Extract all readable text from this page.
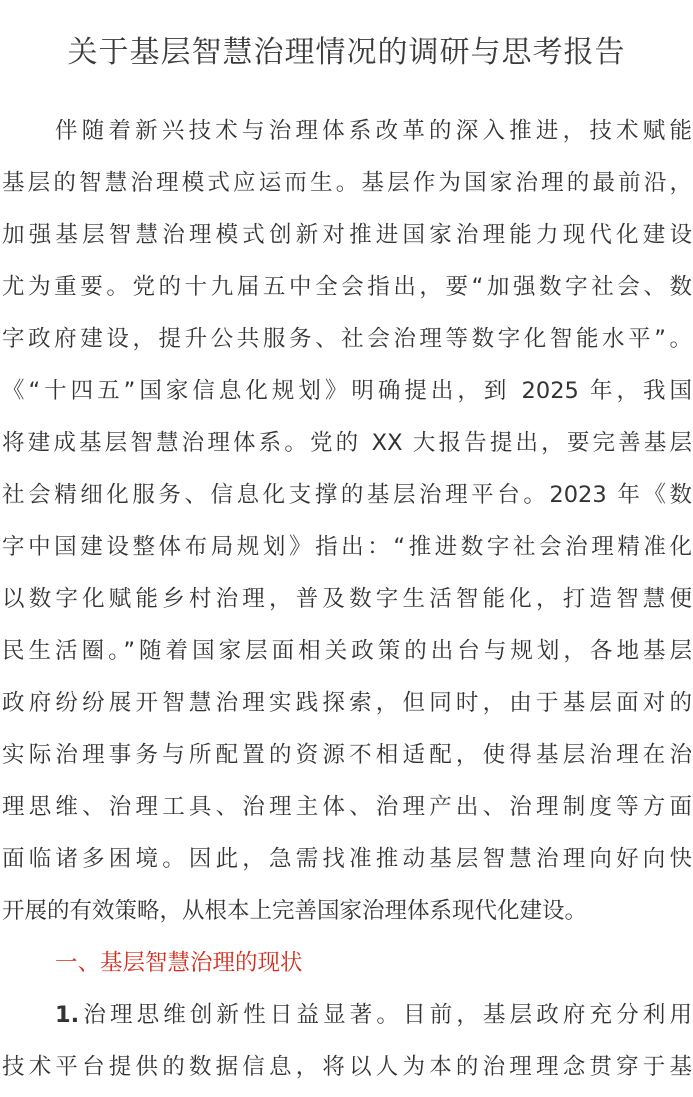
关于基层智慧治理情况的调研与思考报告
伴随着新兴技术与治理体系改革的深入推进，技术赋能
基层的智慧治理模式应运而生。基层作为国家治理的最前沿，
加强基层智慧治理模式创新对推进国家治理能力现代化建设
尤为重要。党的十九届五中全会指出，要“加强数字社会、数
字政府建设，提升公共服务、社会治理等数字化智能水平”。
《“十四五”国家信息化规划》明确提出，到 2025 年，我国
将建成基层智慧治理体系。党的 XX 大报告提出，要完善基层
社会精细化服务、信息化支撑的基层治理平台。2023 年《数
字中国建设整体布局规划》指出：“推进数字社会治理精准化
以数字化赋能乡村治理，普及数字生活智能化，打造智慧便
民生活圈。”随着国家层面相关政策的出台与规划，各地基层
政府纷纷展开智慧治理实践探索，但同时，由于基层面对的
实际治理事务与所配置的资源不相适配，使得基层治理在治
理思维、治理工具、治理主体、治理产出、治理制度等方面
面临诸多困境。因此，急需找准推动基层智慧治理向好向快
开展的有效策略，从根本上完善国家治理体系现代化建设。
一、基层智慧治理的现状
1.治理思维创新性日益显著。目前，基层政府充分利用
技术平台提供的数据信息，将以人为本的治理理念贯穿于基
